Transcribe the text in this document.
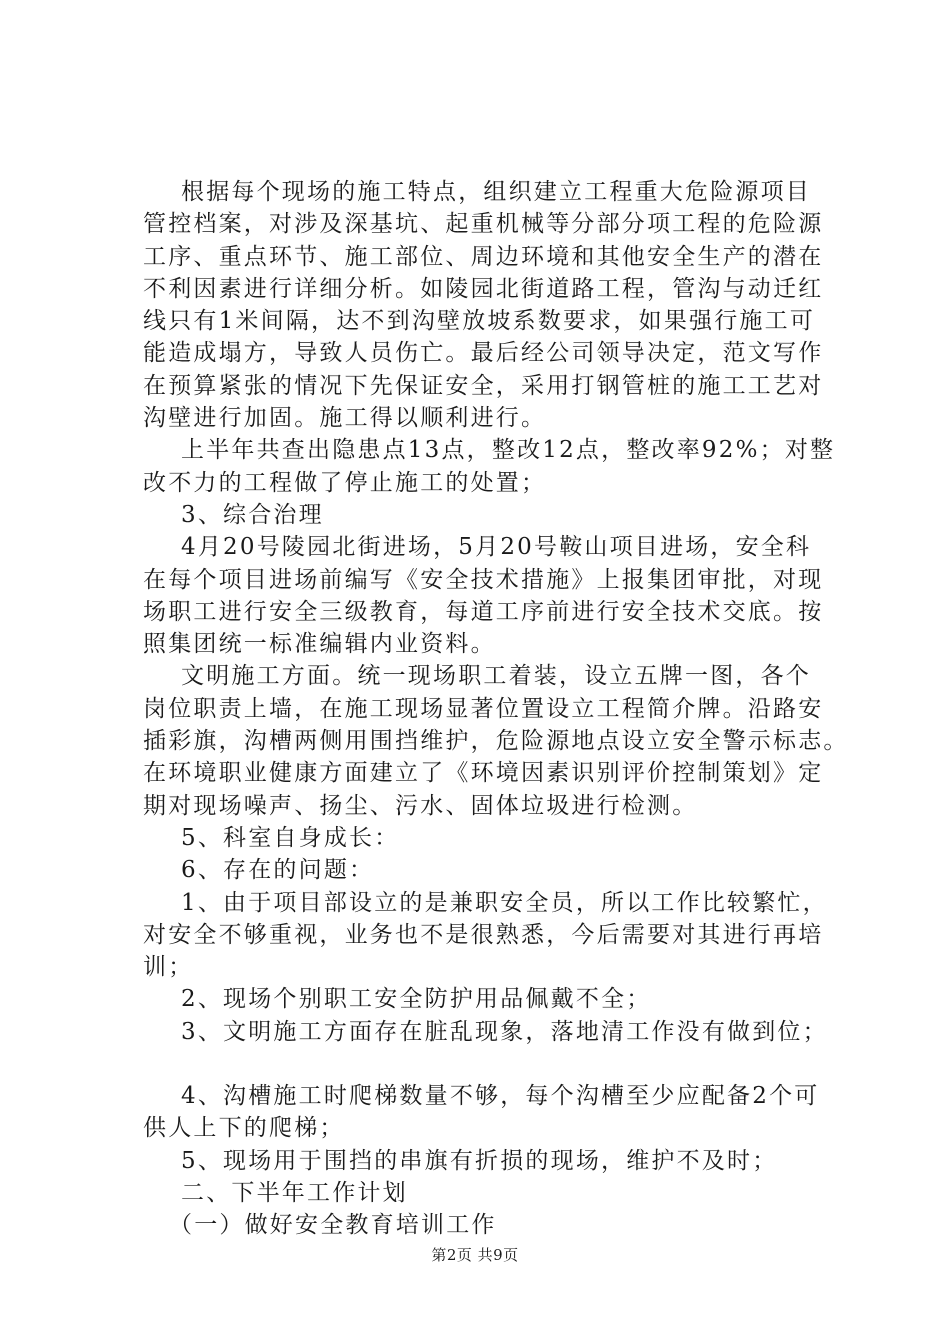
根据每个现场的施工特点，组织建立工程重大危险源项目
管控档案，对涉及深基坑、起重机械等分部分项工程的危险源
工序、重点环节、施工部位、周边环境和其他安全生产的潜在
不利因素进行详细分析。如陵园北街道路工程，管沟与动迁红
线只有1米间隔，达不到沟壁放坡系数要求，如果强行施工可
能造成塌方，导致人员伤亡。最后经公司领导决定，范文写作
在预算紧张的情况下先保证安全，采用打钢管桩的施工工艺对
沟壁进行加固。施工得以顺利进行。
上半年共查出隐患点13点，整改12点，整改率92%；对整
改不力的工程做了停止施工的处置；
3、综合治理
4月20号陵园北街进场，5月20号鞍山项目进场，安全科
在每个项目进场前编写《安全技术措施》上报集团审批，对现
场职工进行安全三级教育，每道工序前进行安全技术交底。按
照集团统一标准编辑内业资料。
文明施工方面。统一现场职工着装，设立五牌一图，各个
岗位职责上墙，在施工现场显著位置设立工程简介牌。沿路安
插彩旗，沟槽两侧用围挡维护，危险源地点设立安全警示标志。
在环境职业健康方面建立了《环境因素识别评价控制策划》定
期对现场噪声、扬尘、污水、固体垃圾进行检测。
5、科室自身成长：
6、存在的问题：
1、由于项目部设立的是兼职安全员，所以工作比较繁忙，
对安全不够重视，业务也不是很熟悉，今后需要对其进行再培
训；
2、现场个别职工安全防护用品佩戴不全；
3、文明施工方面存在脏乱现象，落地清工作没有做到位；
4、沟槽施工时爬梯数量不够，每个沟槽至少应配备2个可
供人上下的爬梯；
5、现场用于围挡的串旗有折损的现场，维护不及时；
二、下半年工作计划
（一）做好安全教育培训工作
第2页 共9页
